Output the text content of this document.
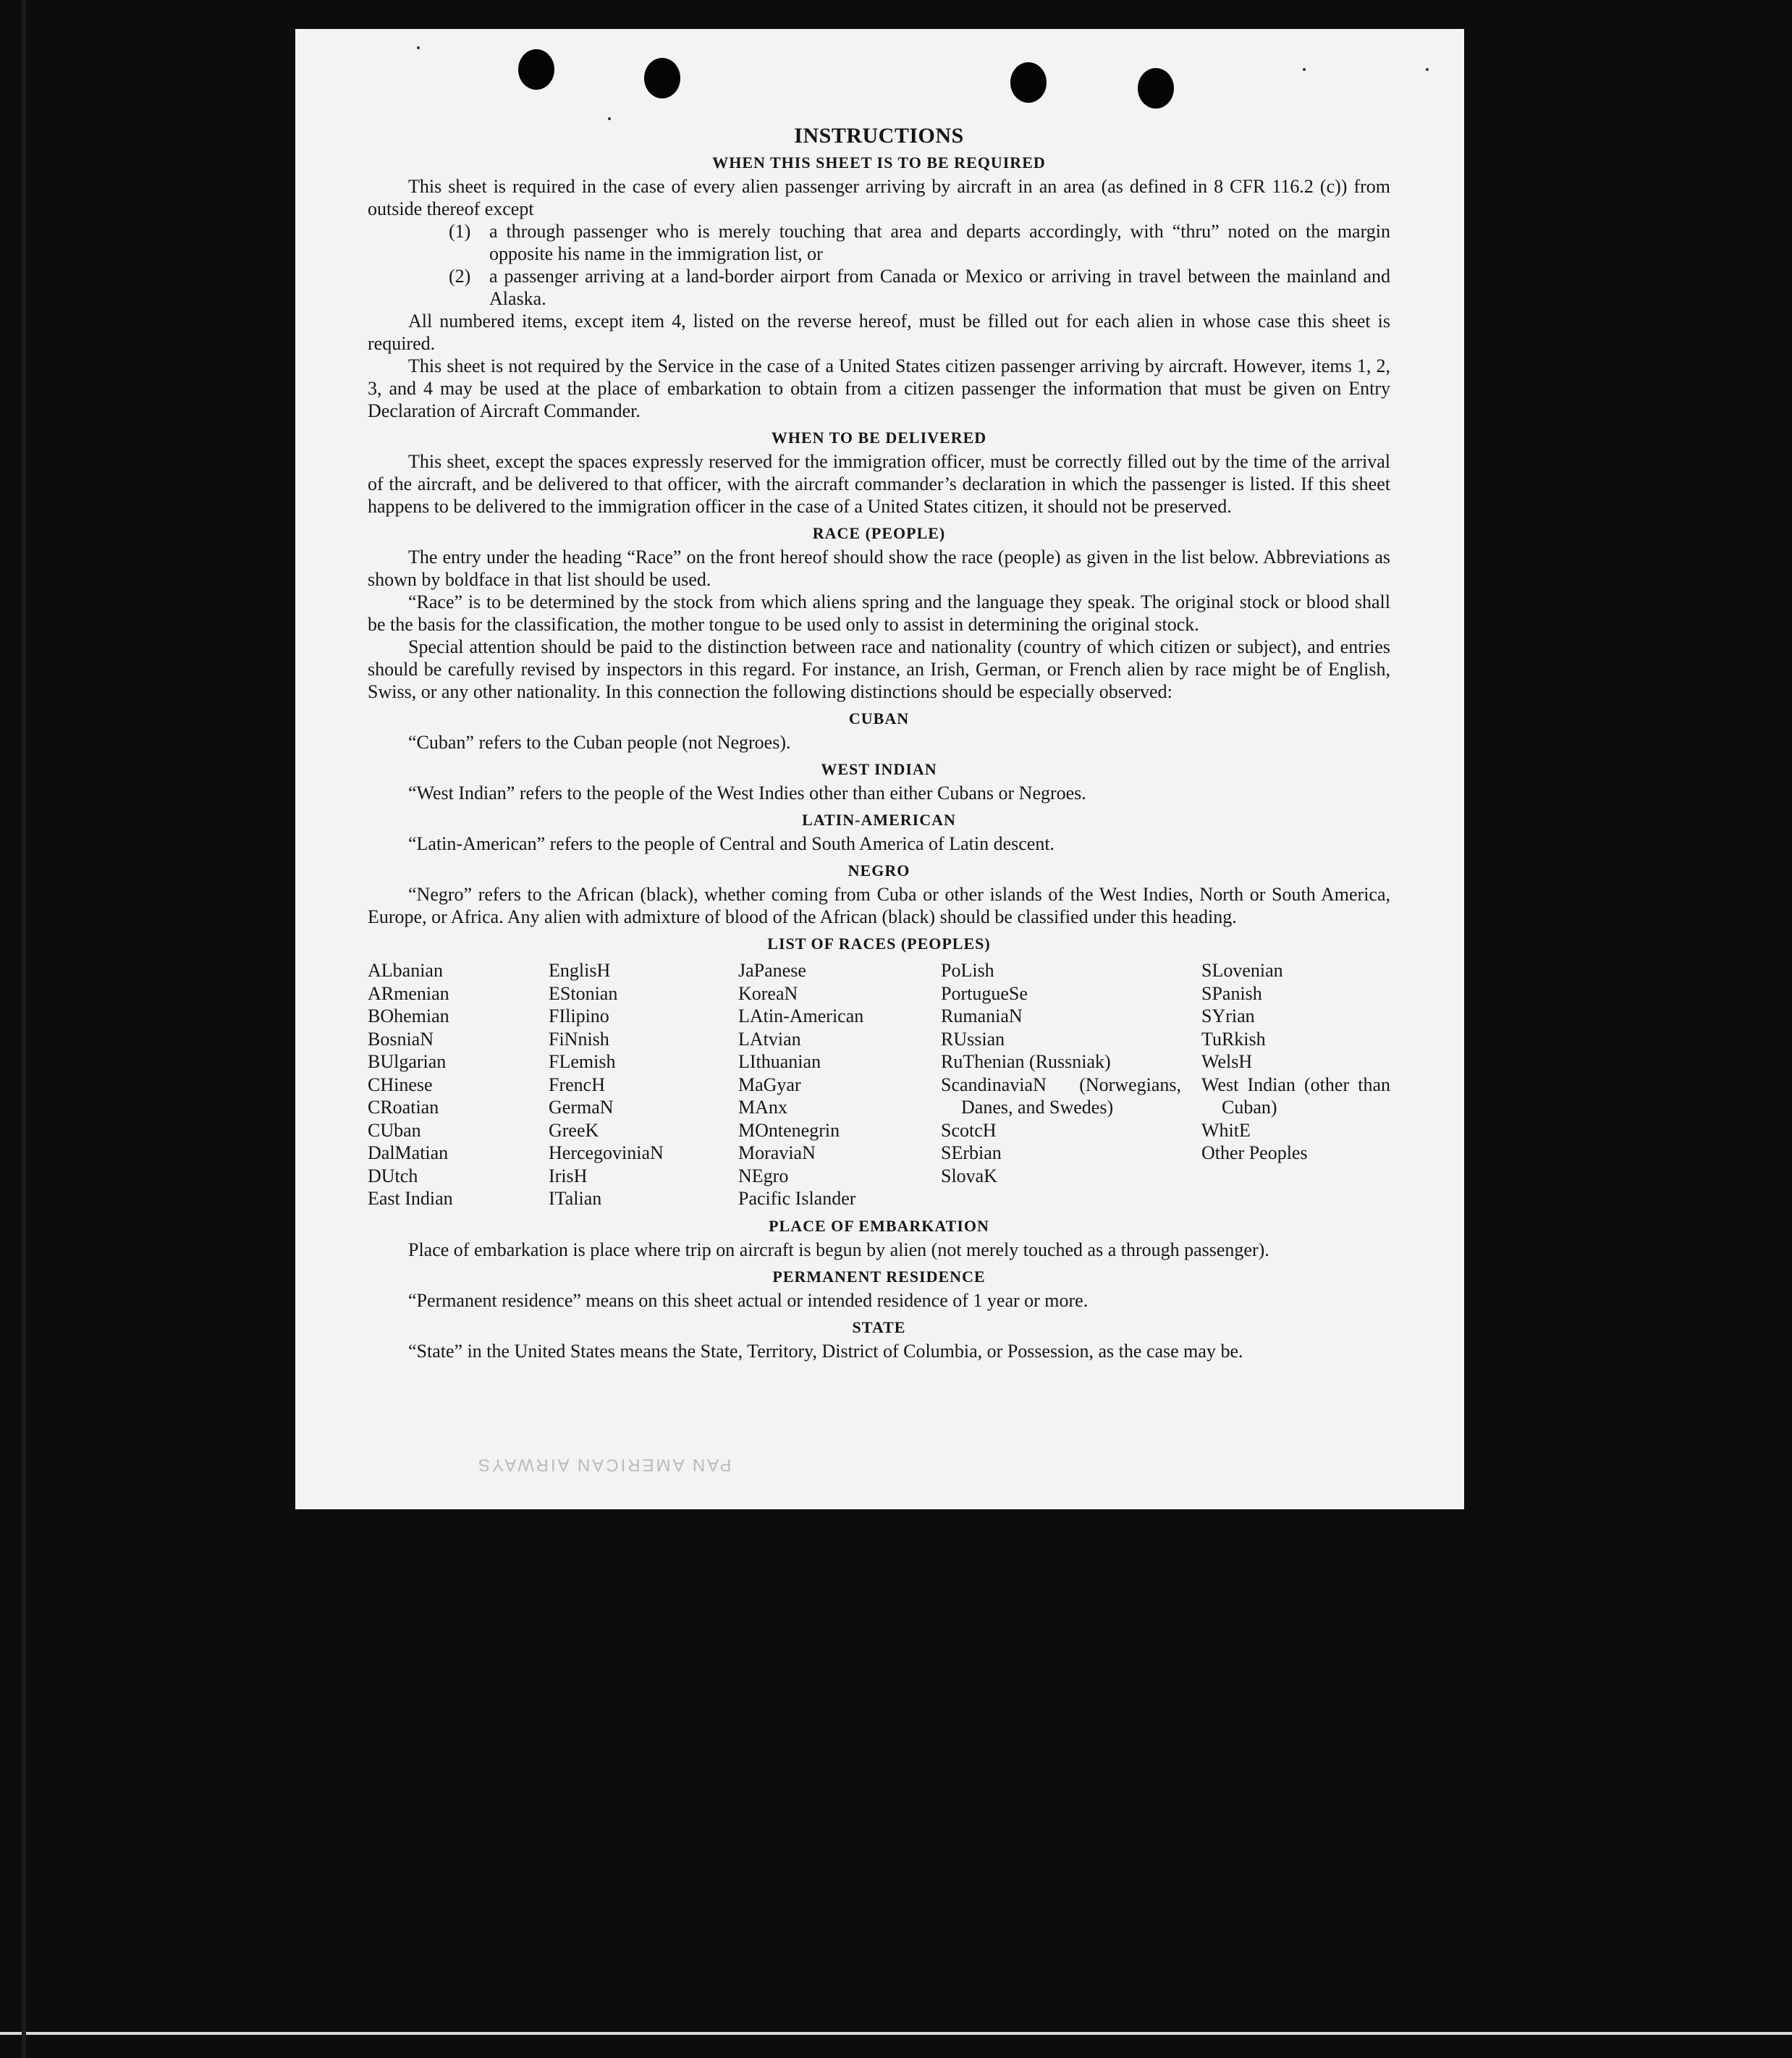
INSTRUCTIONS
WHEN THIS SHEET IS TO BE REQUIRED

This sheet is required in the case of every alien passenger arriving by aircraft in an area (as defined in 8 CFR 116.2 (c)) from outside thereof except

(1) a through passenger who is merely touching that area and departs accordingly, with “thru” noted on the margin opposite his name in the immigration list, or
(2) a passenger arriving at a land-border airport from Canada or Mexico or arriving in travel between the mainland and Alaska.

All numbered items, except item 4, listed on the reverse hereof, must be filled out for each alien in whose case this sheet is required.

This sheet is not required by the Service in the case of a United States citizen passenger arriving by aircraft. However, items 1, 2, 3, and 4 may be used at the place of embarkation to obtain from a citizen passenger the information that must be given on Entry Declaration of Aircraft Commander.

WHEN TO BE DELIVERED

This sheet, except the spaces expressly reserved for the immigration officer, must be correctly filled out by the time of the arrival of the aircraft, and be delivered to that officer, with the aircraft commander’s declaration in which the passenger is listed. If this sheet happens to be delivered to the immigration officer in the case of a United States citizen, it should not be preserved.

RACE (PEOPLE)

The entry under the heading “Race” on the front hereof should show the race (people) as given in the list below. Abbreviations as shown by boldface in that list should be used.

“Race” is to be determined by the stock from which aliens spring and the language they speak. The original stock or blood shall be the basis for the classification, the mother tongue to be used only to assist in determining the original stock.

Special attention should be paid to the distinction between race and nationality (country of which citizen or subject), and entries should be carefully revised by inspectors in this regard. For instance, an Irish, German, or French alien by race might be of English, Swiss, or any other nationality. In this connection the following distinctions should be especially observed:

CUBAN

“Cuban” refers to the Cuban people (not Negroes).

WEST INDIAN

“West Indian” refers to the people of the West Indies other than either Cubans or Negroes.

LATIN-AMERICAN

“Latin-American” refers to the people of Central and South America of Latin descent.

NEGRO

“Negro” refers to the African (black), whether coming from Cuba or other islands of the West Indies, North or South America, Europe, or Africa. Any alien with admixture of blood of the African (black) should be classified under this heading.

LIST OF RACES (PEOPLES)
ALbanian
ARmenian
BOhemian
BosniaN
BUlgarian
CHinese
CRoatian
CUban
DalMatian
DUtch
East Indian
EnglisH
EStonian
FIlipino
FiNnish
FLemish
FrencH
GermaN
GreeK
HercegoviniaN
IrisH
ITalian
JaPanese
KoreaN
LAtin-American
LAtvian
LIthuanian
MaGyar
MAnx
MOntenegrin
MoraviaN
NEgro
Pacific Islander
PoLish
PortugueSe
RumaniaN
RUssian
RuThenian (Russniak)
ScandinaviaN (Norwegians, Danes, and Swedes)
ScotcH
SErbian
SlovaK
SLovenian
SPanish
SYrian
TuRkish
WelsH
West Indian (other than Cuban)
WhitE
Other Peoples
PLACE OF EMBARKATION

Place of embarkation is place where trip on aircraft is begun by alien (not merely touched as a through passenger).

PERMANENT RESIDENCE

“Permanent residence” means on this sheet actual or intended residence of 1 year or more.

STATE

“State” in the United States means the State, Territory, District of Columbia, or Possession, as the case may be.

PAN AMERICAN AIRWAYS
